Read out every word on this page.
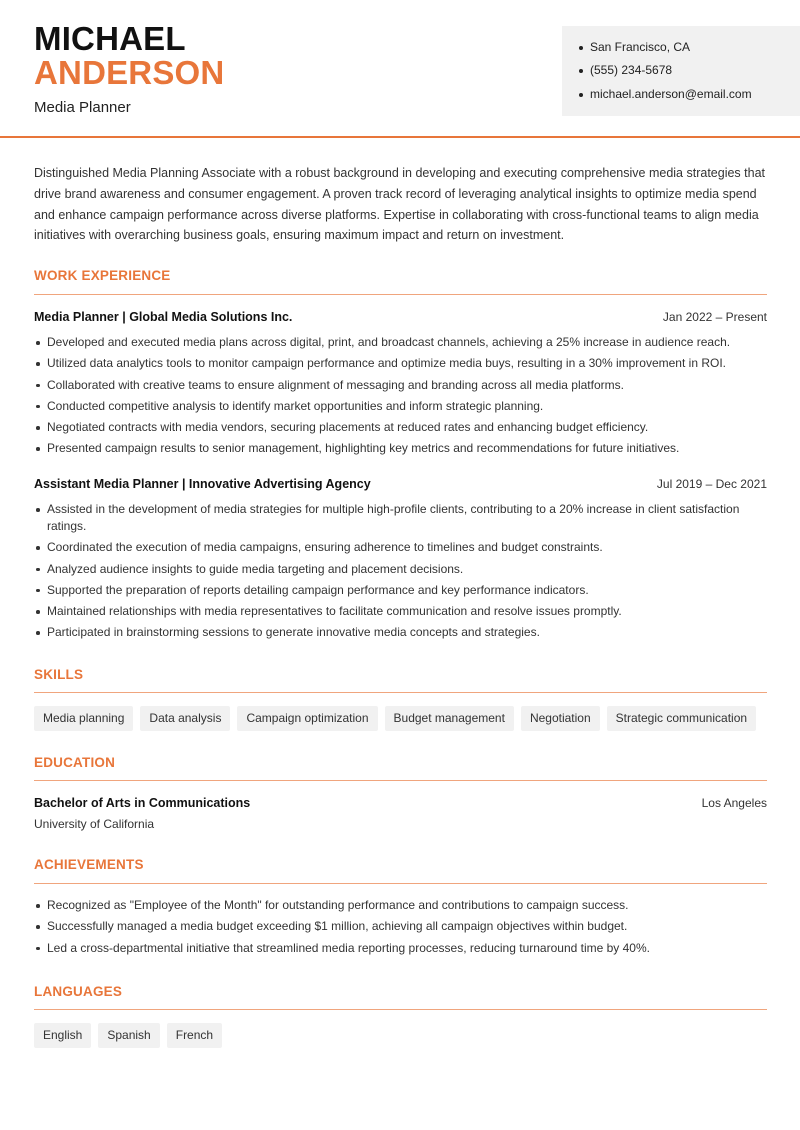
MICHAEL
ANDERSON
Media Planner
San Francisco, CA
(555) 234-5678
michael.anderson@email.com
Distinguished Media Planning Associate with a robust background in developing and executing comprehensive media strategies that drive brand awareness and consumer engagement. A proven track record of leveraging analytical insights to optimize media spend and enhance campaign performance across diverse platforms. Expertise in collaborating with cross-functional teams to align media initiatives with overarching business goals, ensuring maximum impact and return on investment.
WORK EXPERIENCE
Media Planner | Global Media Solutions Inc.	Jan 2022 – Present
Developed and executed media plans across digital, print, and broadcast channels, achieving a 25% increase in audience reach.
Utilized data analytics tools to monitor campaign performance and optimize media buys, resulting in a 30% improvement in ROI.
Collaborated with creative teams to ensure alignment of messaging and branding across all media platforms.
Conducted competitive analysis to identify market opportunities and inform strategic planning.
Negotiated contracts with media vendors, securing placements at reduced rates and enhancing budget efficiency.
Presented campaign results to senior management, highlighting key metrics and recommendations for future initiatives.
Assistant Media Planner | Innovative Advertising Agency	Jul 2019 – Dec 2021
Assisted in the development of media strategies for multiple high-profile clients, contributing to a 20% increase in client satisfaction ratings.
Coordinated the execution of media campaigns, ensuring adherence to timelines and budget constraints.
Analyzed audience insights to guide media targeting and placement decisions.
Supported the preparation of reports detailing campaign performance and key performance indicators.
Maintained relationships with media representatives to facilitate communication and resolve issues promptly.
Participated in brainstorming sessions to generate innovative media concepts and strategies.
SKILLS
Media planning	Data analysis	Campaign optimization	Budget management	Negotiation	Strategic communication
EDUCATION
Bachelor of Arts in Communications	Los Angeles
University of California
ACHIEVEMENTS
Recognized as "Employee of the Month" for outstanding performance and contributions to campaign success.
Successfully managed a media budget exceeding $1 million, achieving all campaign objectives within budget.
Led a cross-departmental initiative that streamlined media reporting processes, reducing turnaround time by 40%.
LANGUAGES
English	Spanish	French
